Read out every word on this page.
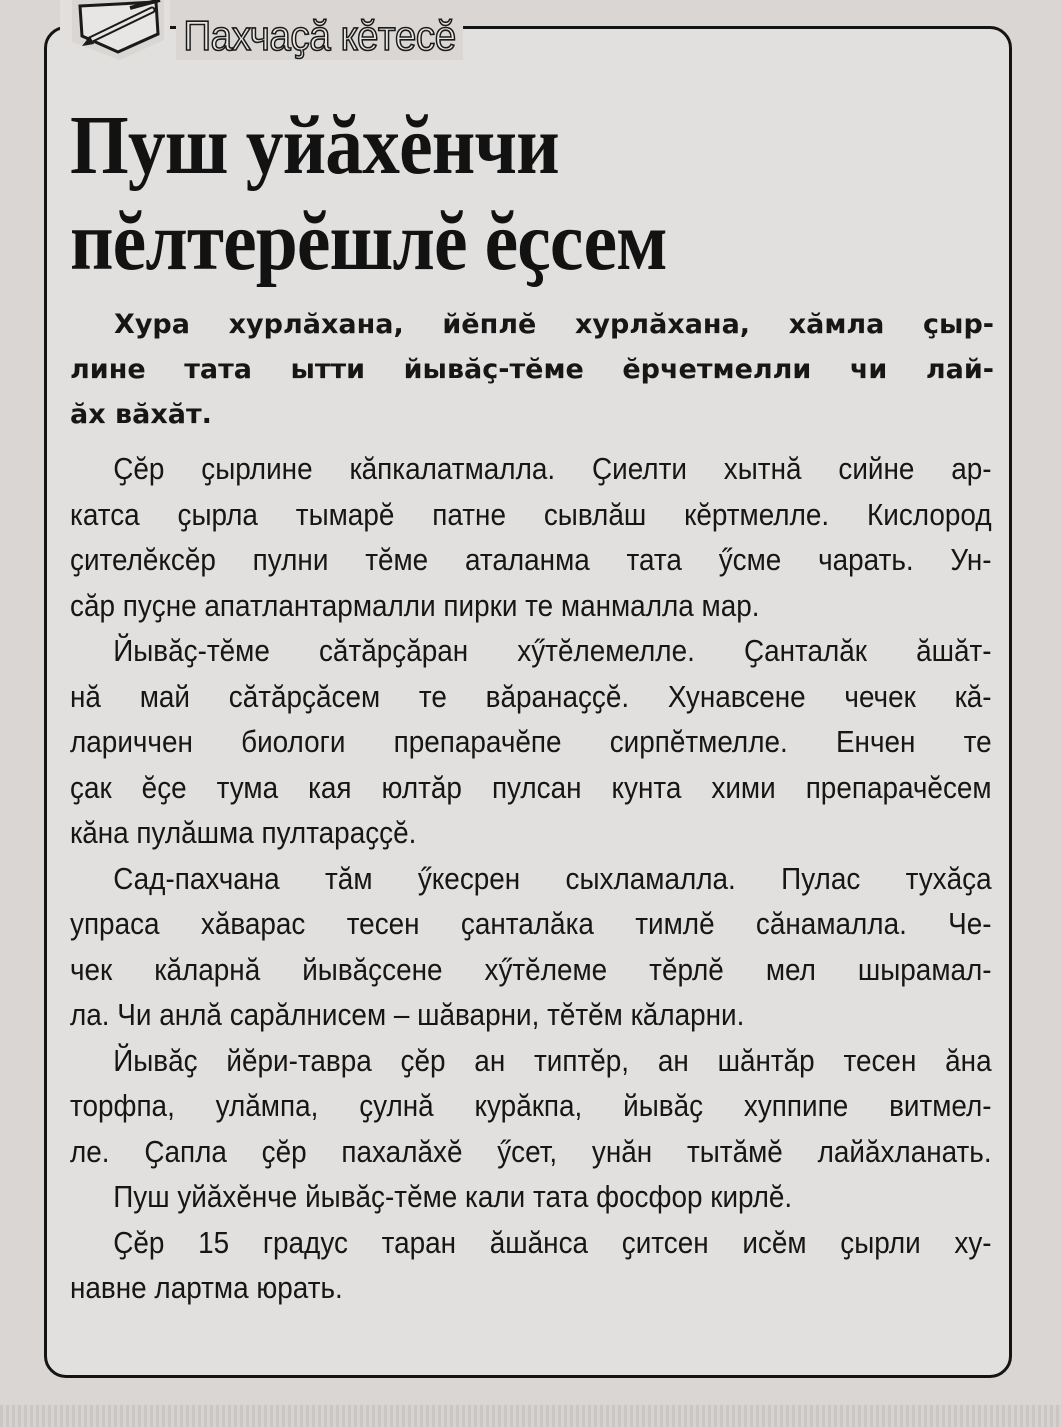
Пахчаҫă кĕтесĕ
Пуш уйăхĕнчи
пĕлтерĕшлĕ ĕҫсем
Хура хурлăхана, йĕплĕ хурлăхана, хăмла ҫыр-
лине тата ытти йывăҫ-тĕме ĕрчетмелли чи лай-
ăх вăхăт.
Ҫĕр ҫырлине кăпкалатмалла. Ҫиелти хытнă сийне ар-
катса ҫырла тымарĕ патне сывлăш кĕртмелле. Кислород
ҫителĕксĕр пулни тĕме аталанма тата ӳсме чарать. Ун-
сăр пуҫне апатлантармалли пирки те манмалла мар.
Йывăҫ-тĕме сăтăрҫăран хӳтĕлемелле. Ҫанталăк ăшăт-
нă май сăтăрҫăсем те вăранаҫҫĕ. Хунавсене чечек кă-
лариччен биологи препарачĕпе сирпĕтмелле. Енчен те
ҫак ĕҫе тума кая юлтăр пулсан кунта хими препарачĕсем
кăна пулăшма пултараҫҫĕ.
Сад-пахчана тăм ӳкесрен сыхламалла. Пулас тухăҫа
упраса хăварас тесен ҫанталăка тимлĕ сăнамалла. Че-
чек кăларнă йывăҫсене хӳтĕлеме тĕрлĕ мел шырамал-
ла. Чи анлă сарăлнисем – шăварни, тĕтĕм кăларни.
Йывăҫ йĕри-тавра ҫĕр ан типтĕр, ан шăнтăр тесен ăна
торфпа, улăмпа, ҫулнă курăкпа, йывăҫ хуппипе витмел-
ле. Ҫапла ҫĕр пахалăхĕ ӳсет, унăн тытăмĕ лайăхланать.
Пуш уйăхĕнче йывăҫ-тĕме кали тата фосфор кирлĕ.
Ҫĕр 15 градус таран ăшăнса ҫитсен исĕм ҫырли ху-
навне лартма юрать.
